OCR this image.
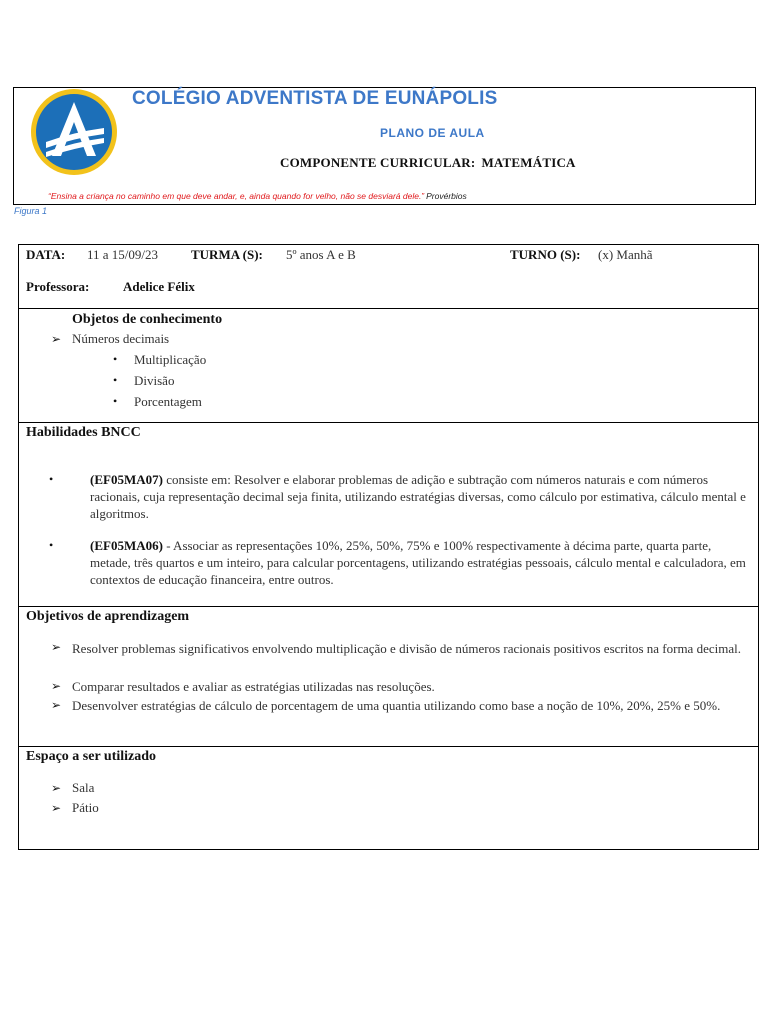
COLÉGIO ADVENTISTA DE EUNÁPOLIS
PLANO DE AULA
COMPONENTE CURRICULAR: MATEMÁTICA
“Ensina a criança no caminho em que deve andar, e, ainda quando for velho, não se desviará dele.” Provérbios
Figura 1
DATA: 11 a 15/09/23	TURMA (S): 5º anos A e B	TURNO (S): (x) Manhã
Professora:	Adelice Félix
Objetos de conhecimento
➢ Números decimais
• Multiplicação
• Divisão
• Porcentagem
Habilidades BNCC
•	(EF05MA07) consiste em: Resolver e elaborar problemas de adição e subtração com números naturais e com números racionais, cuja representação decimal seja finita, utilizando estratégias diversas, como cálculo por estimativa, cálculo mental e algoritmos.
•	(EF05MA06) - Associar as representações 10%, 25%, 50%, 75% e 100% respectivamente à décima parte, quarta parte, metade, três quartos e um inteiro, para calcular porcentagens, utilizando estratégias pessoais, cálculo mental e calculadora, em contextos de educação financeira, entre outros.
Objetivos de aprendizagem
➢ Resolver problemas significativos envolvendo multiplicação e divisão de números racionais positivos escritos na forma decimal.
➢ Comparar resultados e avaliar as estratégias utilizadas nas resoluções.
➢ Desenvolver estratégias de cálculo de porcentagem de uma quantia utilizando como base a noção de 10%, 20%, 25% e 50%.
Espaço a ser utilizado
➢ Sala
➢ Pátio
